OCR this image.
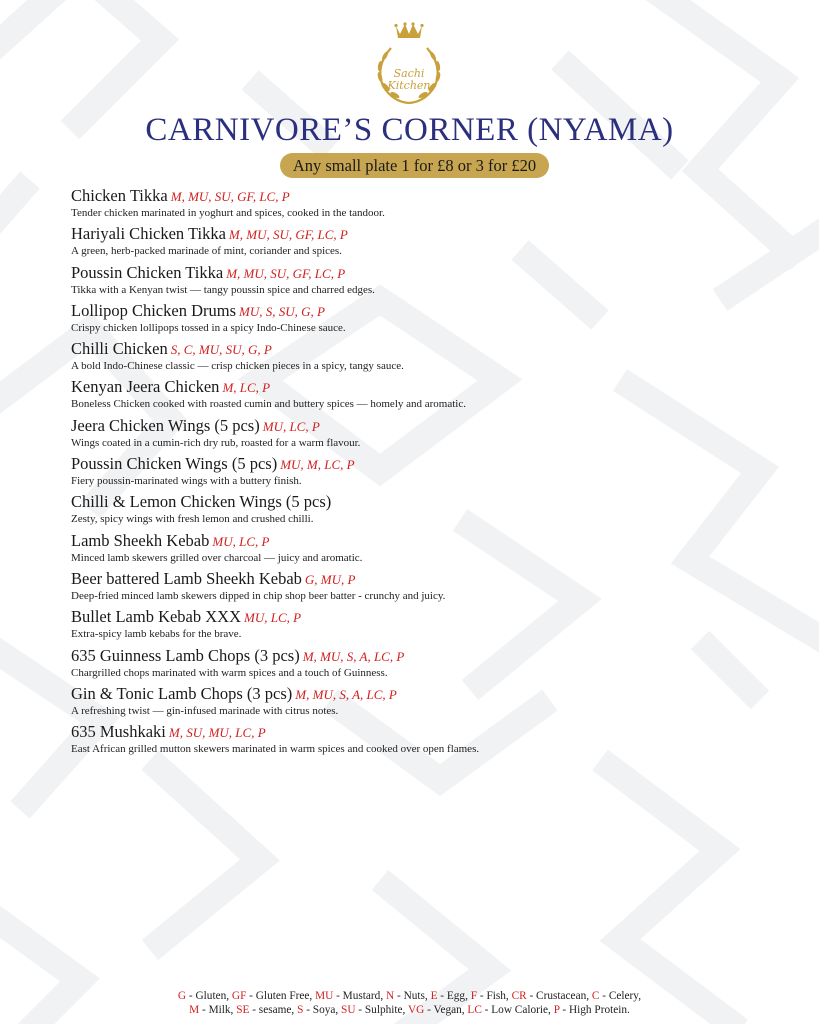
Sachi
Kitchen
CARNIVORE’S CORNER (NYAMA)
Any small plate 1 for £8 or 3 for £20
Chicken Tikka M, MU, SU, GF, LC, P
Tender chicken marinated in yoghurt and spices, cooked in the tandoor.
Hariyali Chicken Tikka M, MU, SU, GF, LC, P
A green, herb-packed marinade of mint, coriander and spices.
Poussin Chicken Tikka M, MU, SU, GF, LC, P
Tikka with a Kenyan twist — tangy poussin spice and charred edges.
Lollipop Chicken Drums MU, S, SU, G, P
Crispy chicken lollipops tossed in a spicy Indo-Chinese sauce.
Chilli Chicken S, C, MU, SU, G, P
A bold Indo-Chinese classic — crisp chicken pieces in a spicy, tangy sauce.
Kenyan Jeera Chicken M, LC, P
Boneless Chicken cooked with roasted cumin and buttery spices — homely and aromatic.
Jeera Chicken Wings (5 pcs) MU, LC, P
Wings coated in a cumin-rich dry rub, roasted for a warm flavour.
Poussin Chicken Wings (5 pcs) MU, M, LC, P
Fiery poussin-marinated wings with a buttery finish.
Chilli & Lemon Chicken Wings (5 pcs)
Zesty, spicy wings with fresh lemon and crushed chilli.
Lamb Sheekh Kebab MU, LC, P
Minced lamb skewers grilled over charcoal — juicy and aromatic.
Beer battered Lamb Sheekh Kebab G, MU, P
Deep-fried minced lamb skewers dipped in chip shop beer batter - crunchy and juicy.
Bullet Lamb Kebab XXX MU, LC, P
Extra-spicy lamb kebabs for the brave.
635 Guinness Lamb Chops (3 pcs) M, MU, S, A, LC, P
Chargrilled chops marinated with warm spices and a touch of Guinness.
Gin & Tonic Lamb Chops (3 pcs) M, MU, S, A, LC, P
A refreshing twist — gin-infused marinade with citrus notes.
635 Mushkaki M, SU, MU, LC, P
East African grilled mutton skewers marinated in warm spices and cooked over open flames.
G - Gluten, GF - Gluten Free, MU - Mustard, N - Nuts, E - Egg, F - Fish, CR - Crustacean, C - Celery,
M - Milk, SE - sesame, S - Soya, SU - Sulphite, VG - Vegan, LC - Low Calorie, P - High Protein.
